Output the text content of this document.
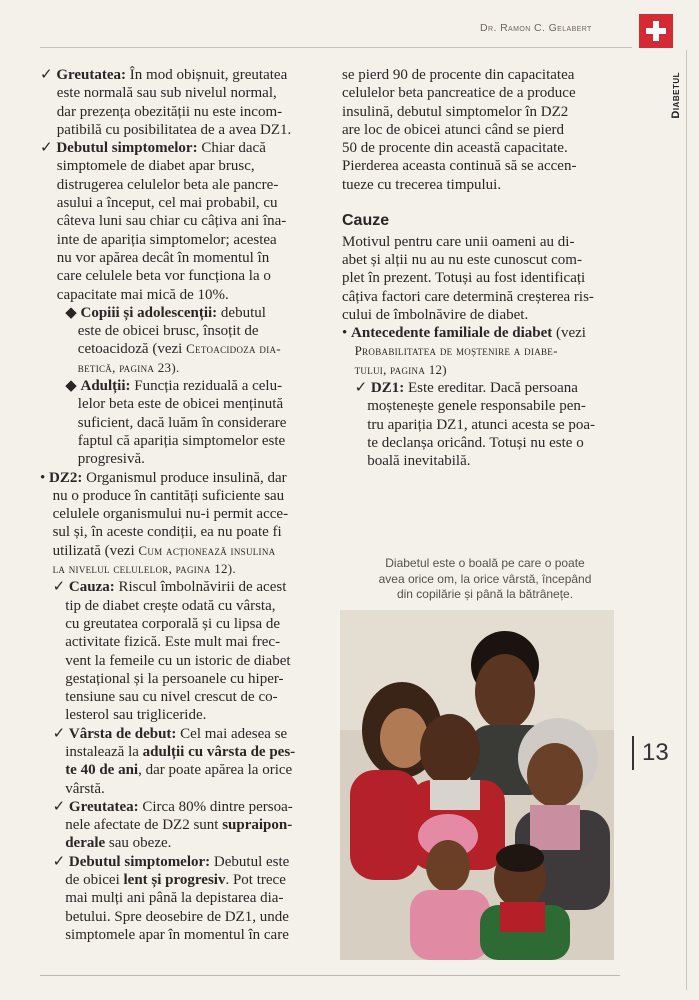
Dr. Ramon C. Gelabert
Diabetul
13
✓ Greutatea: În mod obișnuit, greutatea
este normală sau sub nivelul normal,
dar prezența obezității nu este incom-
patibilă cu posibilitatea de a avea DZ1.
✓ Debutul simptomelor: Chiar dacă
simptomele de diabet apar brusc,
distrugerea celulelor beta ale pancre-
asului a început, cel mai probabil, cu
câteva luni sau chiar cu câțiva ani îna-
inte de apariția simptomelor; acestea
nu vor apărea decât în momentul în
care celulele beta vor funcționa la o
capacitate mai mică de 10%.
◆ Copiii și adolescenții: debutul
este de obicei brusc, însoțit de
cetoacidoză (vezi Cetoacidoza dia-
betică, pagina 23).
◆ Adulții: Funcția reziduală a celu-
lelor beta este de obicei menținută
suficient, dacă luăm în considerare
faptul că apariția simptomelor este
progresivă.
• DZ2: Organismul produce insulină, dar
nu o produce în cantități suficiente sau
celulele organismului nu-i permit acce-
sul și, în aceste condiții, ea nu poate fi
utilizată (vezi Cum acționează insulina
la nivelul celulelor, pagina 12).
✓ Cauza: Riscul îmbolnăvirii de acest
tip de diabet crește odată cu vârsta,
cu greutatea corporală și cu lipsa de
activitate fizică. Este mult mai frec-
vent la femeile cu un istoric de diabet
gestațional și la persoanele cu hiper-
tensiune sau cu nivel crescut de co-
lesterol sau trigliceride.
✓ Vârsta de debut: Cel mai adesea se
instalează la adulții cu vârsta de pes-
te 40 de ani, dar poate apărea la orice
vârstă.
✓ Greutatea: Circa 80% dintre persoa-
nele afectate de DZ2 sunt supraipon-
derale sau obeze.
✓ Debutul simptomelor: Debutul este
de obicei lent și progresiv. Pot trece
mai mulți ani până la depistarea dia-
betului. Spre deosebire de DZ1, unde
simptomele apar în momentul în care
se pierd 90 de procente din capacitatea
celulelor beta pancreatice de a produce
insulină, debutul simptomelor în DZ2
are loc de obicei atunci când se pierd
50 de procente din această capacitate.
Pierderea aceasta continuă să se accen-
tueze cu trecerea timpului.

Cauze
Motivul pentru care unii oameni au di-
abet și alții nu au nu este cunoscut com-
plet în prezent. Totuși au fost identificați
câțiva factori care determină creșterea ris-
cului de îmbolnăvire de diabet.
• Antecedente familiale de diabet (vezi
Probabilitatea de moștenire a diabe-
tului, pagina 12)
✓ DZ1: Este ereditar. Dacă persoana
moștenește genele responsabile pen-
tru apariția DZ1, atunci acesta se poa-
te declanșa oricând. Totuși nu este o
boală inevitabilă.
Diabetul este o boală pe care o poate
avea orice om, la orice vârstă, începând
din copilărie și până la bătrânețe.
